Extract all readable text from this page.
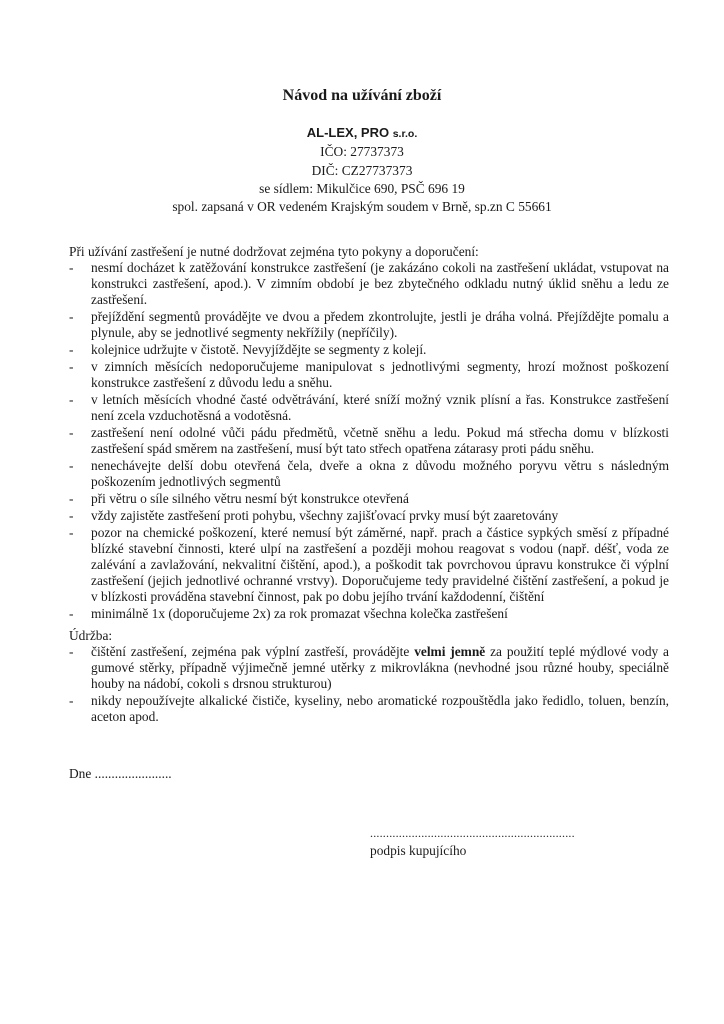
Návod na užívání zboží
AL-LEX, PRO s.r.o.
IČO: 27737373
DIČ: CZ27737373
se sídlem: Mikulčice 690, PSČ 696 19
spol. zapsaná v OR vedeném Krajským soudem v Brně, sp.zn C 55661
Při užívání zastřešení je nutné dodržovat zejména tyto pokyny a doporučení:
- nesmí docházet k zatěžování konstrukce zastřešení (je zakázáno cokoli na zastřešení ukládat, vstupovat na konstrukci zastřešení, apod.). V zimním období je bez zbytečného odkladu nutný úklid sněhu a ledu ze zastřešení.
- přejíždění segmentů provádějte ve dvou a předem zkontrolujte, jestli je dráha volná. Přejíždějte pomalu a plynule, aby se jednotlivé segmenty nekřížily (nepříčily).
- kolejnice udržujte v čistotě. Nevyjíždějte se segmenty z kolejí.
- v zimních měsících nedoporučujeme manipulovat s jednotlivými segmenty, hrozí možnost poškození konstrukce zastřešení z důvodu ledu a sněhu.
- v letních měsících vhodné časté odvětrávání, které sníží možný vznik plísní a řas. Konstrukce zastřešení není zcela vzduchotěsná a vodotěsná.
- zastřešení není odolné vůči pádu předmětů, včetně sněhu a ledu. Pokud má střecha domu v blízkosti zastřešení spád směrem na zastřešení, musí být tato střech opatřena zátarasy proti pádu sněhu.
- nenechávejte delší dobu otevřená čela, dveře a okna z důvodu možného poryvu větru s následným poškozením jednotlivých segmentů
- při větru o síle silného větru nesmí být konstrukce otevřená
- vždy zajistěte zastřešení proti pohybu, všechny zajišťovací prvky musí být zaaretovány
- pozor na chemické poškození, které nemusí být záměrné, např. prach a částice sypkých směsí z případné blízké stavební činnosti, které ulpí na zastřešení a později mohou reagovat s vodou (např. déšť, voda ze zalévání a zavlažování, nekvalitní čištění, apod.), a poškodit tak povrchovou úpravu konstrukce či výplní zastřešení (jejich jednotlivé ochranné vrstvy). Doporučujeme tedy pravidelné čištění zastřešení, a pokud je v blízkosti prováděna stavební činnost, pak po dobu jejího trvání každodenní, čištění
- minimálně 1x (doporučujeme 2x) za rok promazat všechna kolečka zastřešení
Údržba:
- čištění zastřešení, zejména pak výplní zastřeší, provádějte velmi jemně za použití teplé mýdlové vody a gumové stěrky, případně výjimečně jemné utěrky z mikrovlákna (nevhodné jsou různé houby, speciálně houby na nádobí, cokoli s drsnou strukturou)
- nikdy nepoužívejte alkalické čističe, kyseliny, nebo aromatické rozpouštědla jako ředidlo, toluen, benzín, aceton apod.
Dne .......................
................................................................
podpis kupujícího
